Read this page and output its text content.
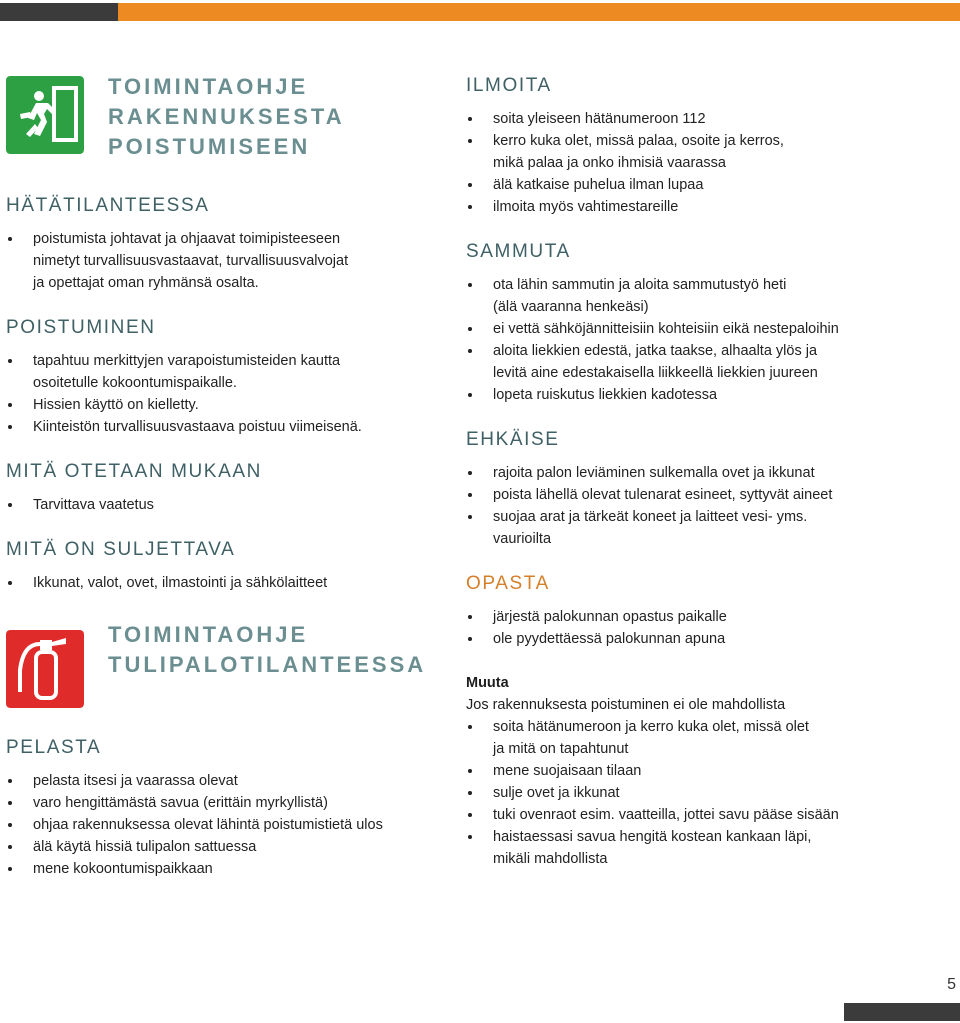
TOIMINTAOHJE
RAKENNUKSESTA
POISTUMISEEN
HÄTÄTILANTEESSA
poistumista johtavat ja ohjaavat toimipisteeseen
nimetyt turvallisuusvastaavat, turvallisuusvalvojat
ja opettajat oman ryhmänsä osalta.
POISTUMINEN
tapahtuu merkittyjen varapoistumisteiden kautta
osoitetulle kokoontumispaikalle.
Hissien käyttö on kielletty.
Kiinteistön turvallisuusvastaava poistuu viimeisenä.
MITÄ OTETAAN MUKAAN
Tarvittava vaatetus
MITÄ ON SULJETTAVA
Ikkunat, valot, ovet, ilmastointi ja sähkölaitteet
TOIMINTAOHJE
TULIPALOTILANTEESSA
PELASTA
pelasta itsesi ja vaarassa olevat
varo hengittämästä savua (erittäin myrkyllistä)
ohjaa rakennuksessa olevat lähintä poistumistietä ulos
älä käytä hissiä tulipalon sattuessa
mene kokoontumispaikkaan
ILMOITA
soita yleiseen hätänumeroon 112
kerro kuka olet, missä palaa, osoite ja kerros,
mikä palaa ja onko ihmisiä vaarassa
älä katkaise puhelua ilman lupaa
ilmoita myös vahtimestareille
SAMMUTA
ota lähin sammutin ja aloita sammutustyö heti
(älä vaaranna henkeäsi)
ei vettä sähköjännitteisiin kohteisiin eikä nestepaloihin
aloita liekkien edestä, jatka taakse, alhaalta ylös ja
levitä aine edestakaisella liikkeellä liekkien juureen
lopeta ruiskutus liekkien kadotessa
EHKÄISE
rajoita palon leviäminen sulkemalla ovet ja ikkunat
poista lähellä olevat tulenarat esineet, syttyvät aineet
suojaa arat ja tärkeät koneet ja laitteet vesi- yms.
vaurioilta
OPASTA
järjestä palokunnan opastus paikalle
ole pyydettäessä palokunnan apuna
Muuta
Jos rakennuksesta poistuminen ei ole mahdollista
soita hätänumeroon ja kerro kuka olet, missä olet
ja mitä on tapahtunut
mene suojaisaan tilaan
sulje ovet ja ikkunat
tuki ovenraot esim. vaatteilla, jottei savu pääse sisään
haistaessasi savua hengitä kostean kankaan läpi,
mikäli mahdollista
5
